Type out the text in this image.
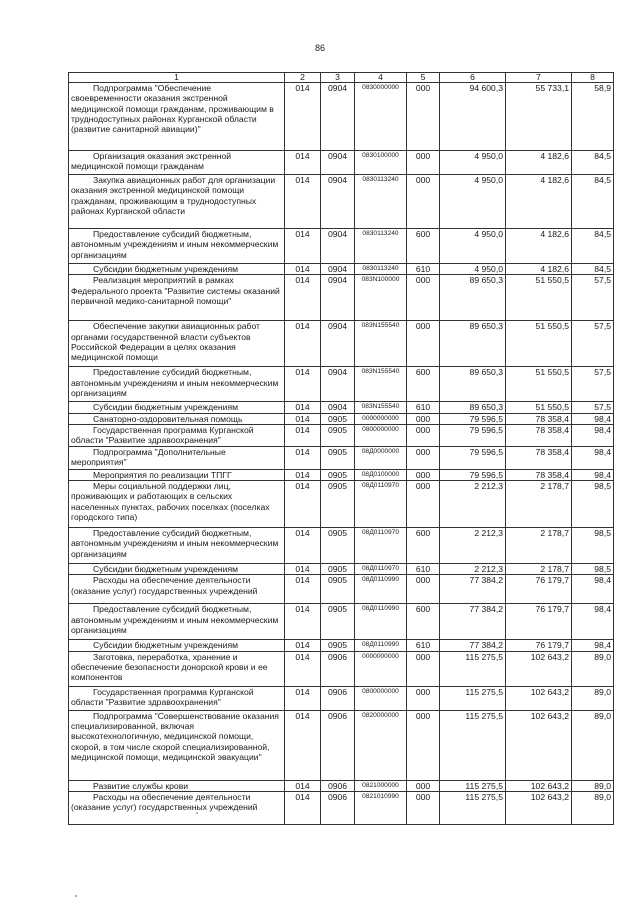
86
1	2	3	4	5	6	7	8
Подпрограмма "Обеспечение своевременности оказания экстренной медицинской помощи гражданам, проживающим в труднодоступных районах Курганской области (развитие санитарной авиации)"	014	0904	0830000000	000	94 600,3	55 733,1	58,9
Организация оказания экстренной медицинской помощи гражданам	014	0904	0830100000	000	4 950,0	4 182,6	84,5
Закупка авиационных работ для организации оказания экстренной медицинской помощи гражданам, проживающим в труднодоступных районах Курганской области	014	0904	0830113240	000	4 950,0	4 182,6	84,5
Предоставление субсидий бюджетным, автономным учреждениям и иным некоммерческим организациям	014	0904	0830113240	600	4 950,0	4 182,6	84,5
Субсидии бюджетным учреждениям	014	0904	0830113240	610	4 950,0	4 182,6	84,5
Реализация мероприятий в рамках Федерального проекта "Развитие системы оказаний первичной медико-санитарной помощи"	014	0904	083N100000	000	89 650,3	51 550,5	57,5
Обеспечение закупки авиационных работ органами государственной власти субъектов Российской Федерации в целях оказания медицинской помощи	014	0904	083N155540	000	89 650,3	51 550,5	57,5
Предоставление субсидий бюджетным, автономным учреждениям и иным некоммерческим организациям	014	0904	083N155540	600	89 650,3	51 550,5	57,5
Субсидии бюджетным учреждениям	014	0904	083N155540	610	89 650,3	51 550,5	57,5
Санаторно-оздоровительная помощь	014	0905	0000000000	000	79 596,5	78 358,4	98,4
Государственная программа Курганской области "Развитие здравоохранения"	014	0905	0800000000	000	79 596,5	78 358,4	98,4
Подпрограмма "Дополнительные мероприятия"	014	0905	08Д0000000	000	79 596,5	78 358,4	98,4
Мероприятия по реализации ТПГГ	014	0905	08Д0100000	000	79 596,5	78 358,4	98,4
Меры социальной поддержки лиц, проживающих и работающих в сельских населенных пунктах, рабочих поселках (поселках городского типа)	014	0905	08Д0110970	000	2 212,3	2 178,7	98,5
Предоставление субсидий бюджетным, автономным учреждениям и иным некоммерческим организациям	014	0905	08Д0110970	600	2 212,3	2 178,7	98,5
Субсидии бюджетным учреждениям	014	0905	08Д0110970	610	2 212,3	2 178,7	98,5
Расходы на обеспечение деятельности (оказание услуг) государственных учреждений	014	0905	08Д0110990	000	77 384,2	76 179,7	98,4
Предоставление субсидий бюджетным, автономным учреждениям и иным некоммерческим организациям	014	0905	08Д0110990	600	77 384,2	76 179,7	98,4
Субсидии бюджетным учреждениям	014	0905	08Д0110990	610	77 384,2	76 179,7	98,4
Заготовка, переработка, хранение и обеспечение безопасности донорской крови и ее компонентов	014	0906	0000000000	000	115 275,5	102 643,2	89,0
Государственная программа Курганской области "Развитие здравоохранения"	014	0906	0800000000	000	115 275,5	102 643,2	89,0
Подпрограмма "Совершенствование оказания специализированной, включая высокотехнологичную, медицинской помощи, скорой, в том числе скорой специализированной, медицинской помощи, медицинской эвакуации"	014	0906	0820000000	000	115 275,5	102 643,2	89,0
Развитие службы крови	014	0906	0821000000	000	115 275,5	102 643,2	89,0
Расходы на обеспечение деятельности (оказание услуг) государственных учреждений	014	0906	0821010990	000	115 275,5	102 643,2	89,0
